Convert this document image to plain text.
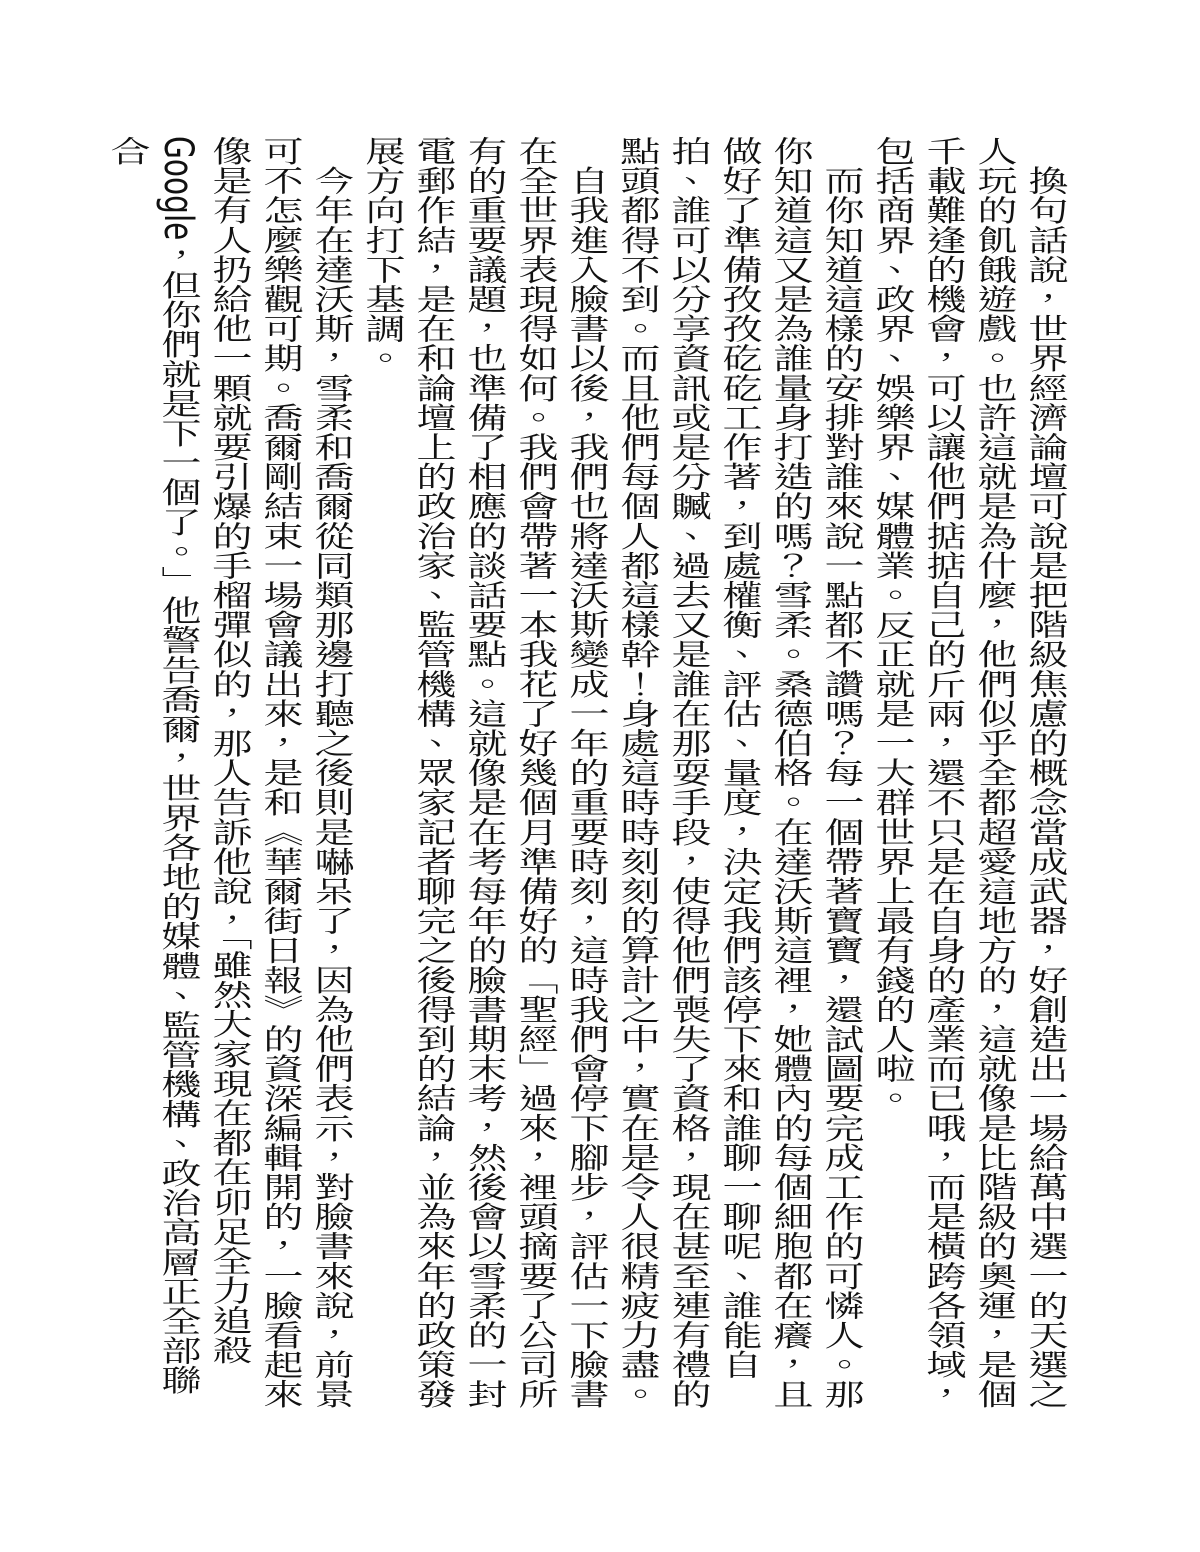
換句話說，世界經濟論壇可說是把階級焦慮的概念當成武器，好創造出一場給萬中選一的天選之人玩的飢餓遊戲。也許這就是為什麼，他們似乎全都超愛這地方的，這就像是比階級的奧運，是個千載難逢的機會，可以讓他們掂掂自己的斤兩，還不只是在自身的產業而已哦，而是橫跨各領域，包括商界、政界、娛樂界、媒體業。反正就是一大群世界上最有錢的人啦。

而你知道這樣的安排對誰來說一點都不讚嗎？每一個帶著寶寶，還試圖要完成工作的可憐人。那你知道這又是為誰量身打造的嗎？雪柔。桑德伯格。在達沃斯這裡，她體內的每個細胞都在癢，且做好了準備孜孜矻矻工作著，到處權衡、評估、量度，決定我們該停下來和誰聊一聊呢、誰能自拍、誰可以分享資訊或是分贓、過去又是誰在那耍手段，使得他們喪失了資格，現在甚至連有禮的點頭都得不到。而且他們每個人都這樣幹！身處這時時刻刻的算計之中，實在是令人很精疲力盡。

自我進入臉書以後，我們也將達沃斯變成一年的重要時刻，這時我們會停下腳步，評估一下臉書在全世界表現得如何。我們會帶著一本我花了好幾個月準備好的「聖經」過來，裡頭摘要了公司所有的重要議題，也準備了相應的談話要點。這就像是在考每年的臉書期末考，然後會以雪柔的一封電郵作結，是在和論壇上的政治家、監管機構、眾家記者聊完之後得到的結論，並為來年的政策發展方向打下基調。

今年在達沃斯，雪柔和喬爾從同類那邊打聽之後則是嚇呆了，因為他們表示，對臉書來說，前景可不怎麼樂觀可期。喬爾剛結束一場會議出來，是和《華爾街日報》的資深編輯開的，一臉看起來像是有人扔給他一顆就要引爆的手榴彈似的，那人告訴他說，「雖然大家現在都在卯足全力追殺Google，但你們就是下一個了。」他警告喬爾，世界各地的媒體、監管機構、政治高層正全部聯合
